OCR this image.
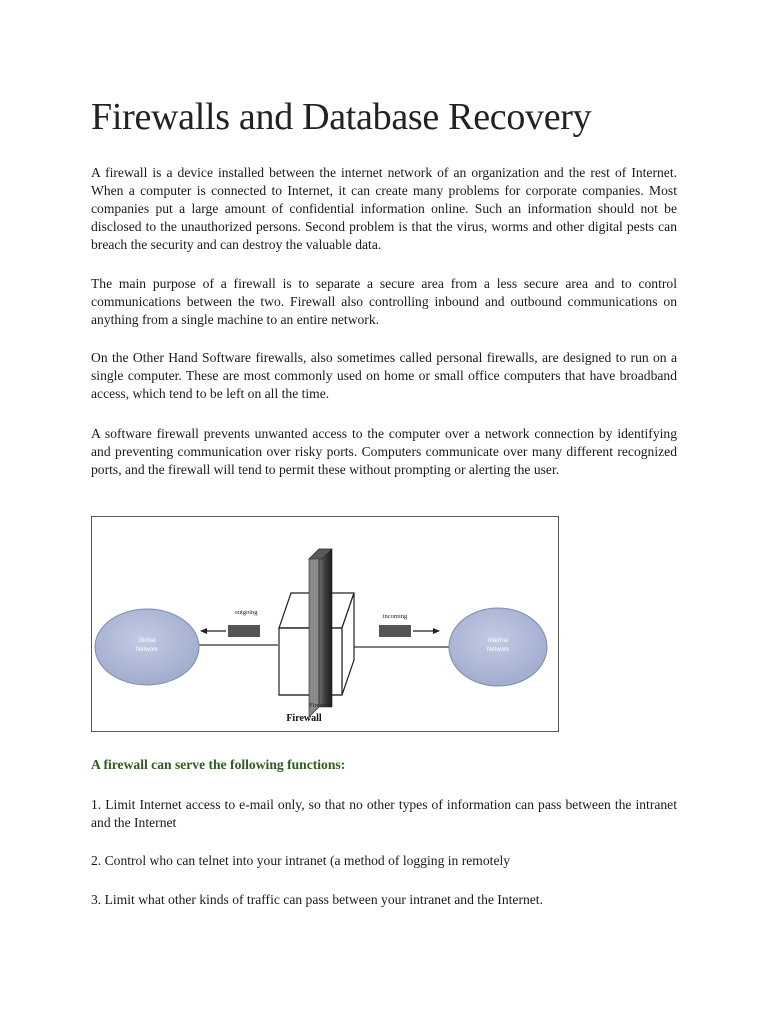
Firewalls and Database Recovery

A firewall is a device installed between the internet network of an organization and the rest of Internet. When a computer is connected to Internet, it can create many problems for corporate companies. Most companies put a large amount of confidential information online. Such an information should not be disclosed to the unauthorized persons. Second problem is that the virus, worms and other digital pests can breach the security and can destroy the valuable data.

The main purpose of a firewall is to separate a secure area from a less secure area and to control communications between the two. Firewall also controlling inbound and outbound communications on anything from a single machine to an entire network.

On the Other Hand Software firewalls, also sometimes called personal firewalls, are designed to run on a single computer. These are most commonly used on home or small office computers that have broadband access, which tend to be left on all the time.

A software firewall prevents unwanted access to the computer over a network connection by identifying and preventing communication over risky ports. Computers communicate over many different recognized ports, and the firewall will tend to permit these without prompting or alerting the user.

Global
Network
Internal
Network
outgoing
incoming
Firewall
Firewall

A firewall can serve the following functions:

1. Limit Internet access to e-mail only, so that no other types of information can pass between the intranet and the Internet

2. Control who can telnet into your intranet (a method of logging in remotely

3. Limit what other kinds of traffic can pass between your intranet and the Internet.
